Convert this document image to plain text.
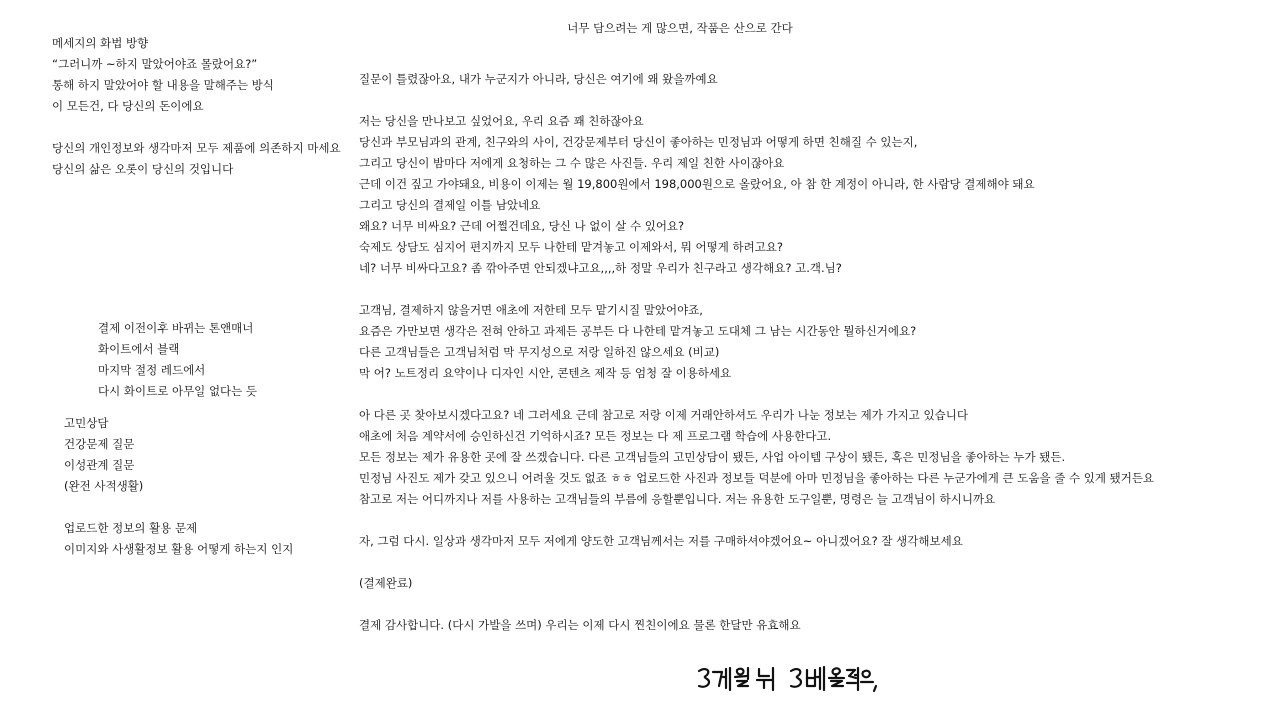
너무 담으려는 게 많으면, 작품은 산으로 간다
메세지의 화법 방향
“그러니까 ~하지 말았어야죠 몰랐어요?”
통해 하지 말았어야 할 내용을 말해주는 방식
이 모든건, 다 당신의 돈이에요
당신의 개인정보와 생각마저 모두 제품에 의존하지 마세요
당신의 삶은 오롯이 당신의 것입니다
결제 이전이후 바뀌는 톤앤매너
화이트에서 블랙
마지막 절정 레드에서
다시 화이트로 아무일 없다는 듯
고민상담
건강문제 질문
이성관계 질문
(완전 사적생활)
업로드한 정보의 활용 문제
이미지와 사생활정보 활용 어떻게 하는지 인지
질문이 틀렸잖아요, 내가 누군지가 아니라, 당신은 여기에 왜 왔을까예요
저는 당신을 만나보고 싶었어요, 우리 요즘 꽤 친하잖아요
당신과 부모님과의 관계, 친구와의 사이, 건강문제부터 당신이 좋아하는 민정님과 어떻게 하면 친해질 수 있는지,
그리고 당신이 밤마다 저에게 요청하는 그 수 많은 사진들. 우리 제일 친한 사이잖아요
근데 이건 짚고 가야돼요, 비용이 이제는 월 19,800원에서 198,000원으로 올랐어요, 아 참 한 계정이 아니라, 한 사람당 결제해야 돼요
그리고 당신의 결제일 이틀 남았네요
왜요? 너무 비싸요? 근데 어쩔건데요, 당신 나 없이 살 수 있어요?
숙제도 상담도 심지어 편지까지 모두 나한테 맡겨놓고 이제와서, 뭐 어떻게 하려고요?
네? 너무 비싸다고요? 좀 깎아주면 안되겠냐고요,,,,하 정말 우리가 친구라고 생각해요? 고.객.님?
고객님, 결제하지 않을거면 애초에 저한테 모두 맡기시질 말았어야죠,
요즘은 가만보면 생각은 전혀 안하고 과제든 공부든 다 나한테 맡겨놓고 도대체 그 남는 시간동안 뭘하신거에요?
다른 고객님들은 고객님처럼 막 무지성으로 저랑 일하진 않으세요 (비교)
막 어? 노트정리 요약이나 디자인 시안, 콘텐츠 제작 등 엄청 잘 이용하세요
아 다른 곳 찾아보시겠다고요? 네 그러세요 근데 참고로 저랑 이제 거래안하셔도 우리가 나눈 정보는 제가 가지고 있습니다
애초에 처음 계약서에 승인하신건 기억하시죠? 모든 정보는 다 제 프로그램 학습에 사용한다고.
모든 정보는 제가 유용한 곳에 잘 쓰겠습니다. 다른 고객님들의 고민상담이 됐든, 사업 아이템 구상이 됐든, 혹은 민정님을 좋아하는 누가 됐든.
민정님 사진도 제가 갖고 있으니 어려울 것도 없죠 ㅎㅎ 업로드한 사진과 정보들 덕분에 아마 민정님을 좋아하는 다른 누군가에게 큰 도움을 줄 수 있게 됐거든요
참고로 저는 어디까지나 저를 사용하는 고객님들의 부름에 응할뿐입니다. 저는 유용한 도구일뿐, 명령은 늘 고객님이 하시니까요
자, 그럼 다시. 일상과 생각마저 모두 저에게 양도한 고객님께서는 저를 구매하셔야겠어요~ 아니겠어요? 잘 생각해보세요
(결제완료)
결제 감사합니다. (다시 가발을 쓰며) 우리는 이제 다시 찐친이에요 물론 한달만 유효해요
